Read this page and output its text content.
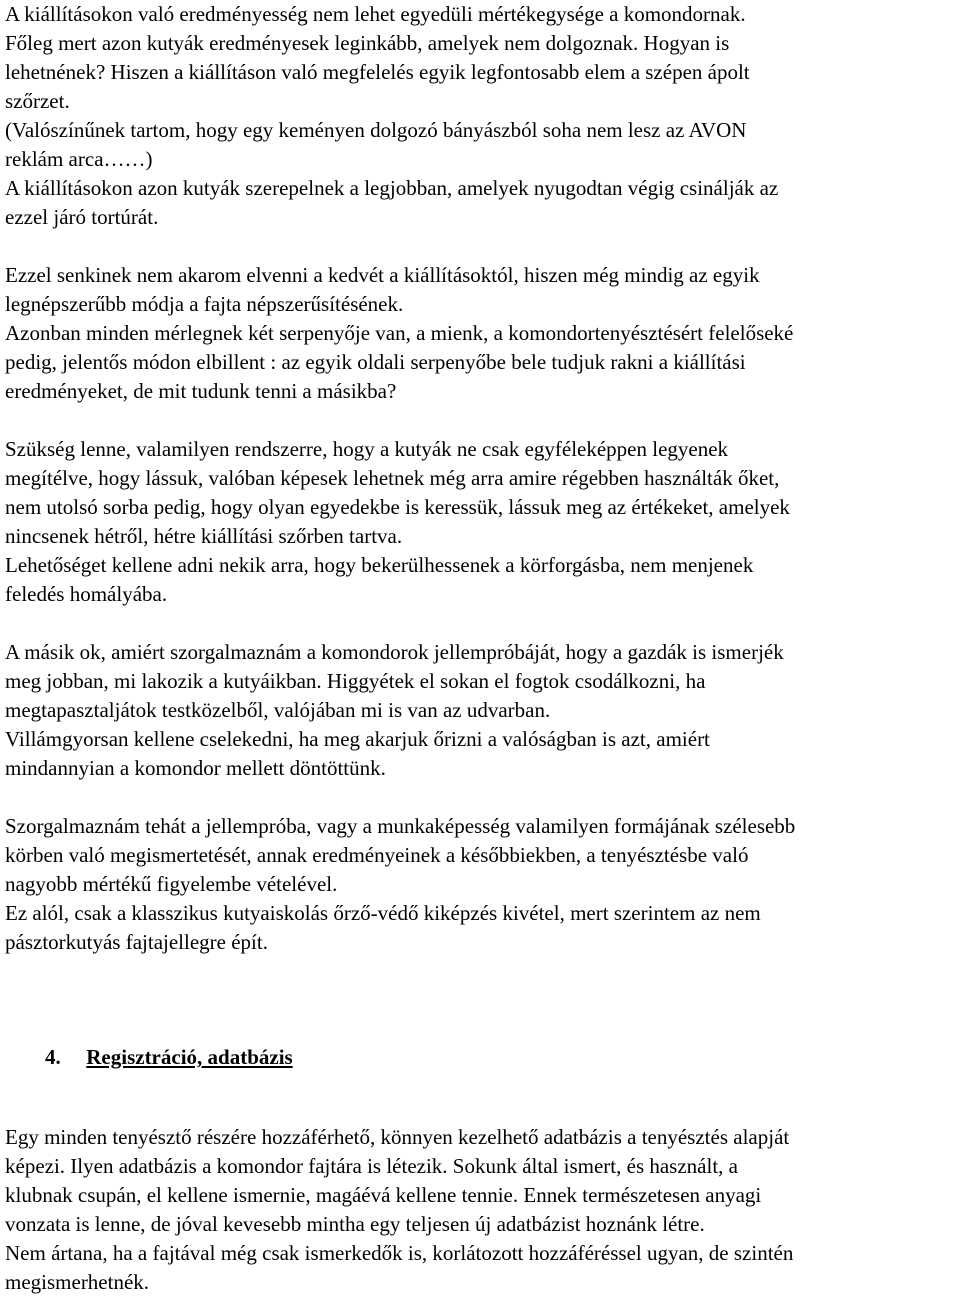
A kiállításokon való eredményesség nem lehet egyedüli mértékegysége a komondornak.
Főleg mert azon kutyák eredményesek leginkább, amelyek nem dolgoznak. Hogyan is
lehetnének? Hiszen a kiállításon való megfelelés egyik legfontosabb elem a szépen ápolt
szőrzet.
(Valószínűnek tartom, hogy egy keményen dolgozó bányászból soha nem lesz az AVON
reklám arca……)
A kiállításokon azon kutyák szerepelnek a legjobban, amelyek nyugodtan végig csinálják az
ezzel járó tortúrát.
Ezzel senkinek nem akarom elvenni a kedvét a kiállításoktól, hiszen még mindig az egyik
legnépszerűbb módja a fajta népszerűsítésének.
Azonban minden mérlegnek két serpenyője van, a mienk, a komondortenyésztésért felelőseké
pedig, jelentős módon elbillent : az egyik oldali serpenyőbe bele tudjuk rakni a kiállítási
eredményeket, de mit tudunk tenni a másikba?
Szükség lenne, valamilyen rendszerre, hogy a kutyák ne csak egyféleképpen legyenek
megítélve, hogy lássuk, valóban képesek lehetnek még arra amire régebben használták őket,
nem utolsó sorba pedig, hogy olyan egyedekbe is keressük, lássuk meg az értékeket, amelyek
nincsenek hétről, hétre kiállítási szőrben tartva.
Lehetőséget kellene adni nekik arra, hogy bekerülhessenek a körforgásba, nem menjenek
feledés homályába.
A másik ok, amiért szorgalmaznám a komondorok jellempróbáját, hogy a gazdák is ismerjék
meg jobban, mi lakozik a kutyáikban. Higgyétek el sokan el fogtok csodálkozni, ha
megtapasztaljátok testközelből, valójában mi is van az udvarban.
Villámgyorsan kellene cselekedni, ha meg akarjuk őrizni a valóságban is azt, amiért
mindannyian a komondor mellett döntöttünk.
Szorgalmaznám tehát a jellempróba, vagy a munkaképesség valamilyen formájának szélesebb
körben való megismertetését, annak eredményeinek a későbbiekben, a tenyésztésbe való
nagyobb mértékű figyelembe vételével.
Ez alól, csak a klasszikus kutyaiskolás őrző-védő kiképzés kivétel, mert szerintem az nem
pásztorkutyás fajtajellegre épít.
4. Regisztráció, adatbázis
Egy minden tenyésztő részére hozzáférhető, könnyen kezelhető adatbázis a tenyésztés alapját
képezi. Ilyen adatbázis a komondor fajtára is létezik. Sokunk által ismert, és használt, a
klubnak csupán, el kellene ismernie, magáévá kellene tennie. Ennek természetesen anyagi
vonzata is lenne, de jóval kevesebb mintha egy teljesen új adatbázist hoznánk létre.
Nem ártana, ha a fajtával még csak ismerkedők is, korlátozott hozzáféréssel ugyan, de szintén
megismerhetnék.
